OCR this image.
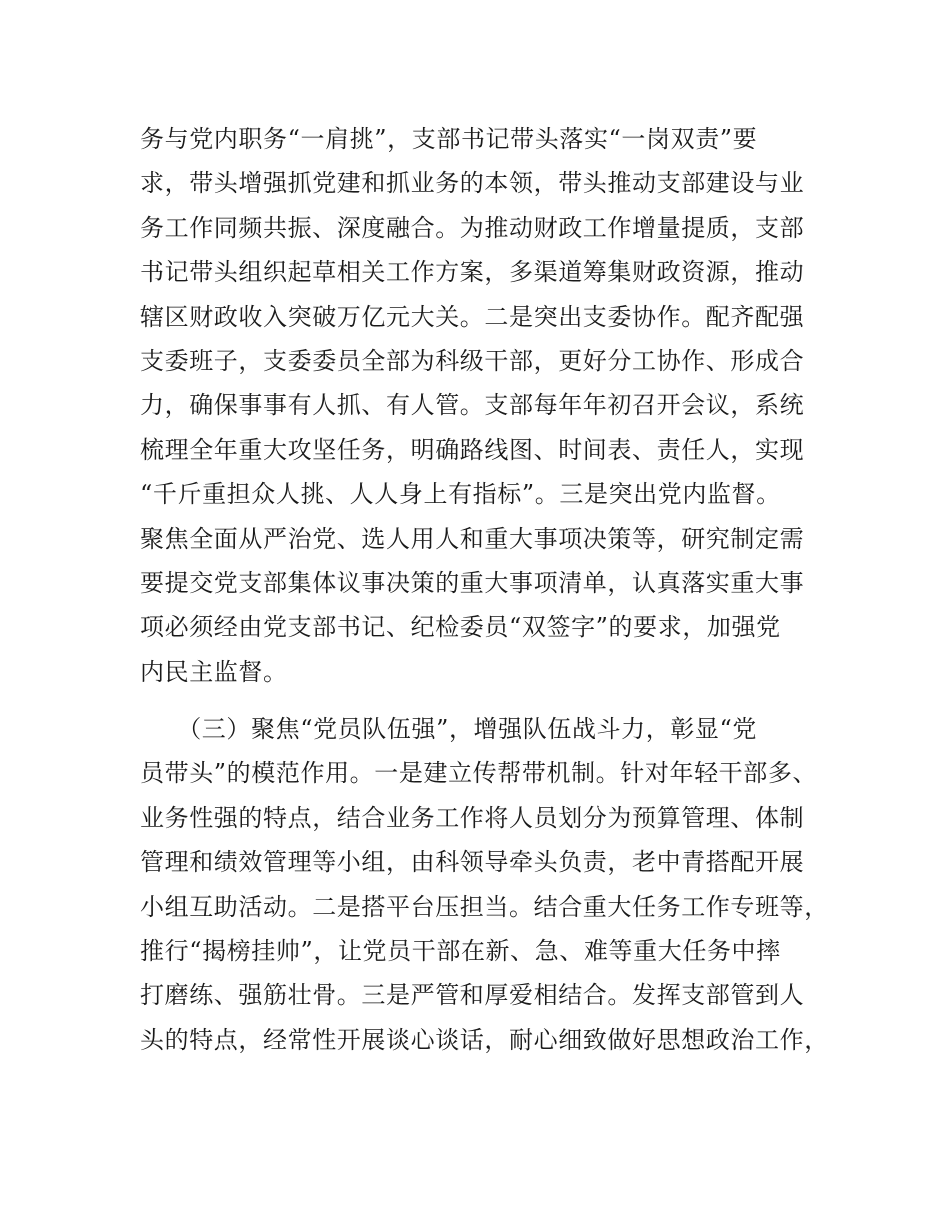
务与党内职务“一肩挑”，支部书记带头落实“一岗双责”要
求，带头增强抓党建和抓业务的本领，带头推动支部建设与业
务工作同频共振、深度融合。为推动财政工作增量提质，支部
书记带头组织起草相关工作方案，多渠道筹集财政资源，推动
辖区财政收入突破万亿元大关。二是突出支委协作。配齐配强
支委班子，支委委员全部为科级干部，更好分工协作、形成合
力，确保事事有人抓、有人管。支部每年年初召开会议，系统
梳理全年重大攻坚任务，明确路线图、时间表、责任人，实现
“千斤重担众人挑、人人身上有指标”。三是突出党内监督。
聚焦全面从严治党、选人用人和重大事项决策等，研究制定需
要提交党支部集体议事决策的重大事项清单，认真落实重大事
项必须经由党支部书记、纪检委员“双签字”的要求，加强党
内民主监督。
　　（三）聚焦“党员队伍强”，增强队伍战斗力，彰显“党
员带头”的模范作用。一是建立传帮带机制。针对年轻干部多、
业务性强的特点，结合业务工作将人员划分为预算管理、体制
管理和绩效管理等小组，由科领导牵头负责，老中青搭配开展
小组互助活动。二是搭平台压担当。结合重大任务工作专班等，
推行“揭榜挂帅”，让党员干部在新、急、难等重大任务中摔
打磨练、强筋壮骨。三是严管和厚爱相结合。发挥支部管到人
头的特点，经常性开展谈心谈话，耐心细致做好思想政治工作，
